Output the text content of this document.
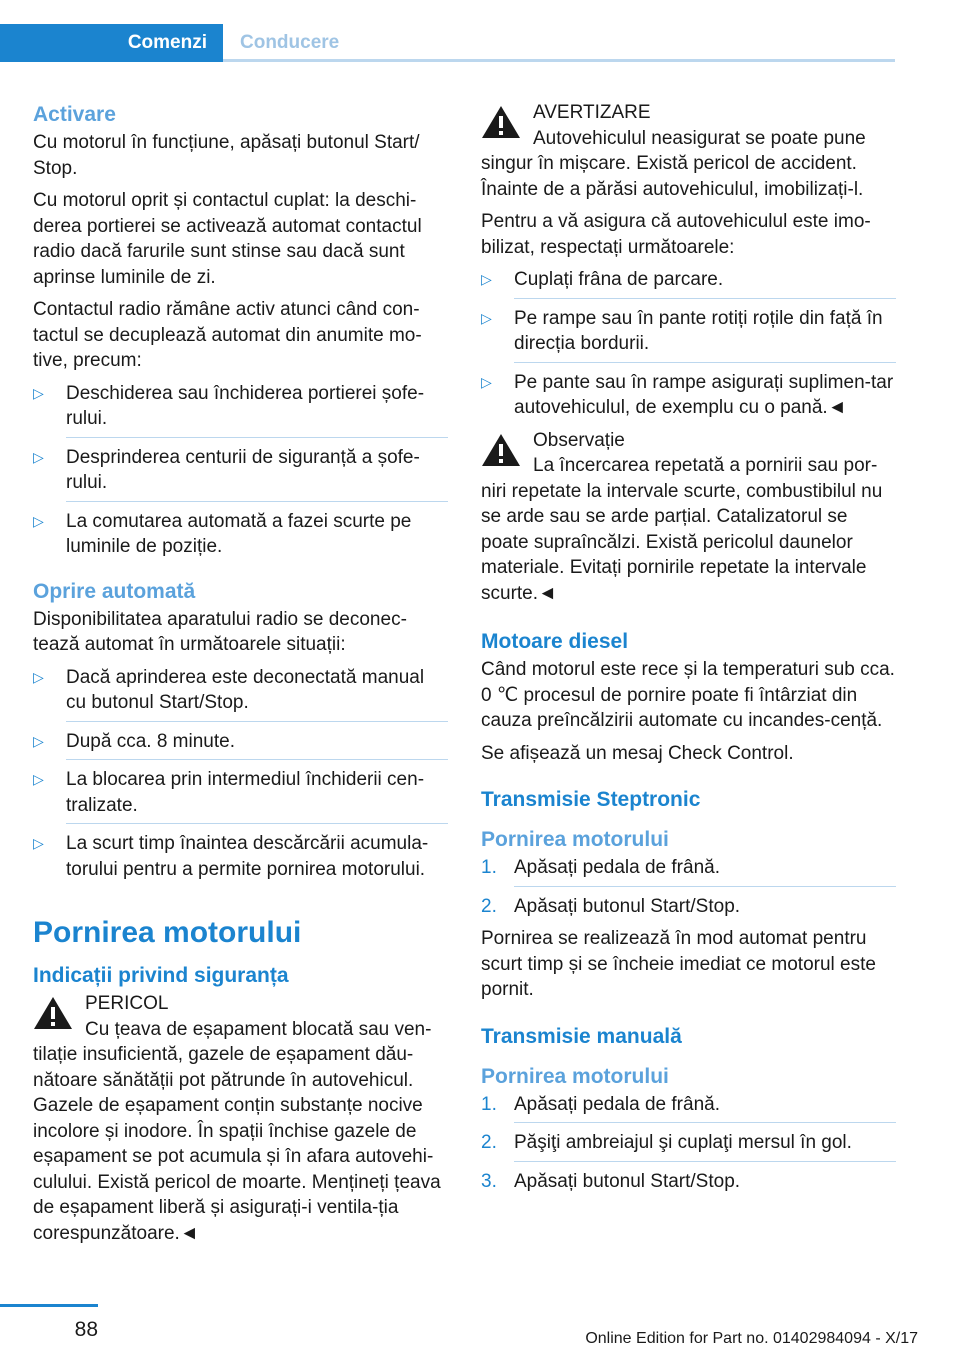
Comenzi Conducere
Activare

Cu motorul în funcțiune, apăsați butonul Start/ Stop.

Cu motorul oprit și contactul cuplat: la deschi-derea portierei se activează automat contactul radio dacă farurile sunt stinse sau dacă sunt aprinse luminile de zi.

Contactul radio rămâne activ atunci când con-tactul se decuplează automat din anumite mo-tive, precum:

▷ Deschiderea sau închiderea portierei șofe-rului.
▷ Desprinderea centurii de siguranță a șofe-rului.
▷ La comutarea automată a fazei scurte pe luminile de poziție.
Oprire automată

Disponibilitatea aparatului radio se deconec-tează automat în următoarele situații:

▷ Dacă aprinderea este deconectată manual cu butonul Start/Stop.
▷ După cca. 8 minute.
▷ La blocarea prin intermediul închiderii cen-tralizate.
▷ La scurt timp înaintea descărcării acumula-torului pentru a permite pornirea motorului.
Pornirea motorului
Indicații privind siguranța
PERICOL
Cu țeava de eșapament blocată sau ven-tilație insuficientă, gazele de eșapament dău-nătoare sănătății pot pătrunde în autovehicul. Gazele de eșapament conțin substanțe nocive incolore și inodore. În spații închise gazele de eșapament se pot acumula și în afara autovehi-culului. Există pericol de moarte. Mențineți țeava de eșapament liberă și asigurați-i ventila-ția corespunzătoare.◄
AVERTIZARE
Autovehiculul neasigurat se poate pune singur în mișcare. Există pericol de accident. Înainte de a părăsi autovehiculul, imobilizați-l.

Pentru a vă asigura că autovehiculul este imo-bilizat, respectați următoarele:

▷ Cuplați frâna de parcare.
▷ Pe rampe sau în pante rotiți roțile din față în direcția bordurii.
▷ Pe pante sau în rampe asigurați suplimen-tar autovehiculul, de exemplu cu o pană.◄
Observație
La încercarea repetată a pornirii sau por-niri repetate la intervale scurte, combustibilul nu se arde sau se arde parțial. Catalizatorul se poate supraîncălzi. Există pericolul daunelor materiale. Evitați pornirile repetate la intervale scurte.◄
Motoare diesel

Când motorul este rece și la temperaturi sub cca. 0 ℃ procesul de pornire poate fi întârziat din cauza preîncălzirii automate cu incandes-cență.

Se afișează un mesaj Check Control.

Transmisie Steptronic
Pornirea motorului
1. Apăsați pedala de frână.
2. Apăsați butonul Start/Stop.

Pornirea se realizează în mod automat pentru scurt timp și se încheie imediat ce motorul este pornit.

Transmisie manuală
Pornirea motorului
1. Apăsați pedala de frână.
2. Păşiţi ambreiajul şi cuplaţi mersul în gol.
3. Apăsați butonul Start/Stop.
88	Online Edition for Part no. 01402984094 - X/17
